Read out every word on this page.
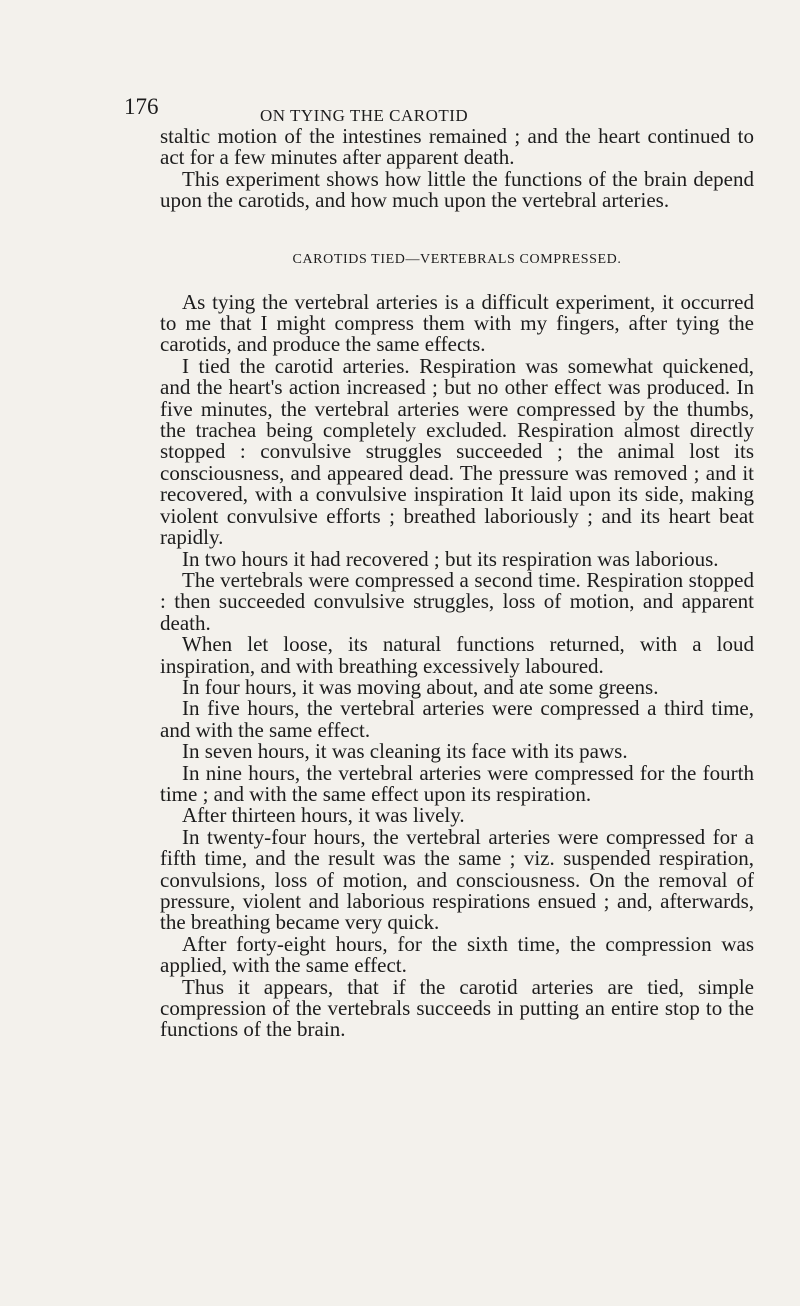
176	ON TYING THE CAROTID

staltic motion of the intestines remained ; and the heart continued to act for a few minutes after apparent death.

This experiment shows how little the functions of the brain depend upon the carotids, and how much upon the vertebral arteries.

CAROTIDS TIED—VERTEBRALS COMPRESSED.

As tying the vertebral arteries is a difficult experiment, it occurred to me that I might compress them with my fingers, after tying the carotids, and produce the same effects.

I tied the carotid arteries. Respiration was somewhat quickened, and the heart's action increased ; but no other effect was produced. In five minutes, the vertebral arteries were compressed by the thumbs, the trachea being completely excluded. Respiration almost directly stopped : convulsive struggles succeeded ; the animal lost its consciousness, and appeared dead. The pressure was removed ; and it recovered, with a convulsive inspiration It laid upon its side, making violent convulsive efforts ; breathed laboriously ; and its heart beat rapidly.

In two hours it had recovered ; but its respiration was laborious.

The vertebrals were compressed a second time. Respiration stopped : then succeeded convulsive struggles, loss of motion, and apparent death.

When let loose, its natural functions returned, with a loud inspiration, and with breathing excessively laboured.

In four hours, it was moving about, and ate some greens.

In five hours, the vertebral arteries were compressed a third time, and with the same effect.

In seven hours, it was cleaning its face with its paws.

In nine hours, the vertebral arteries were compressed for the fourth time ; and with the same effect upon its respiration.

After thirteen hours, it was lively.

In twenty-four hours, the vertebral arteries were compressed for a fifth time, and the result was the same ; viz. suspended respiration, convulsions, loss of motion, and consciousness. On the removal of pressure, violent and laborious respirations ensued ; and, afterwards, the breathing became very quick.

After forty-eight hours, for the sixth time, the compression was applied, with the same effect.

Thus it appears, that if the carotid arteries are tied, simple compression of the vertebrals succeeds in putting an entire stop to the functions of the brain.
